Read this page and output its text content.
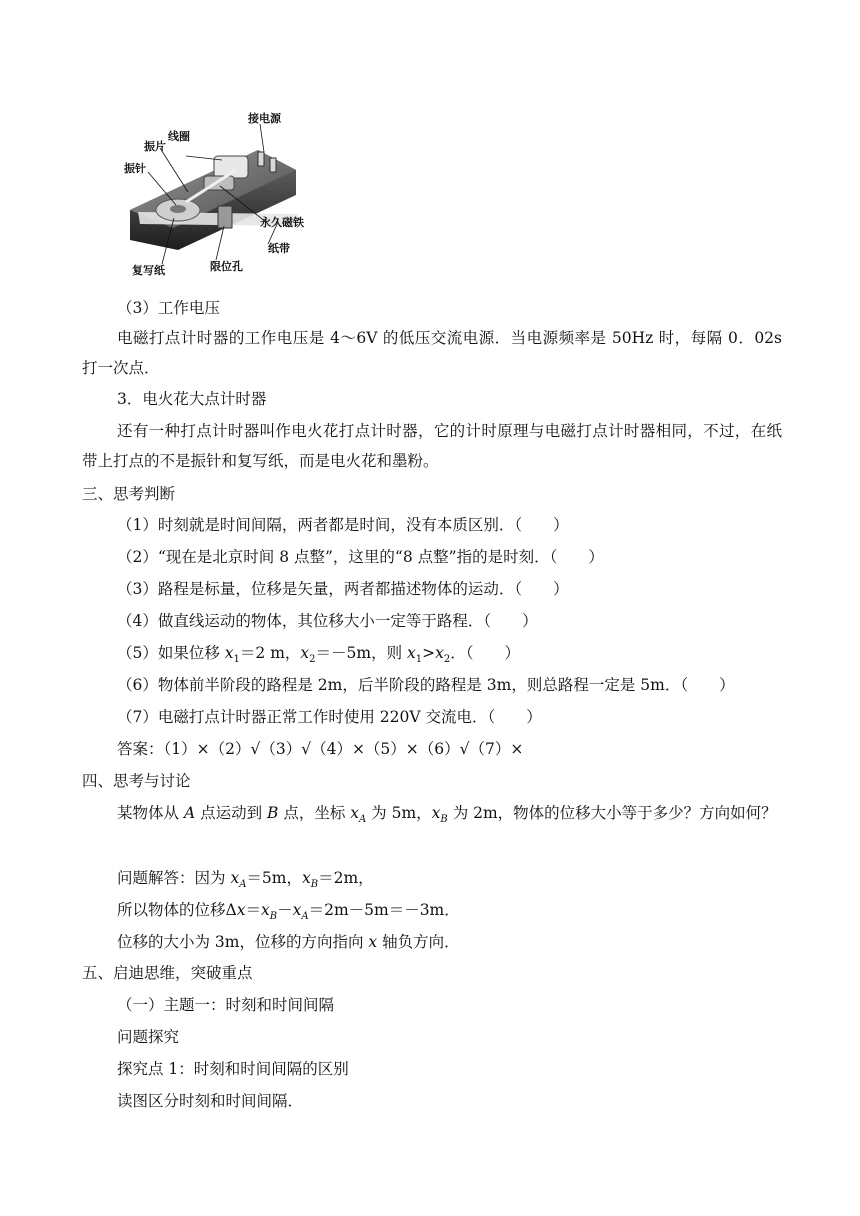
线圈
接电源
振片
振针
永久磁铁
纸带
复写纸	限位孔
（3）工作电压
电磁打点计时器的工作电压是 4～6V 的低压交流电源．当电源频率是 50Hz 时，每隔 0．02s 打一次点．
3．电火花大点计时器
还有一种打点计时器叫作电火花打点计时器，它的计时原理与电磁打点计时器相同，不过，在纸带上打点的不是振针和复写纸，而是电火花和墨粉。
三、思考判断
（1）时刻就是时间间隔，两者都是时间，没有本质区别．（　　）
（2）“现在是北京时间 8 点整”，这里的“8 点整”指的是时刻．（　　）
（3）路程是标量，位移是矢量，两者都描述物体的运动．（　　）
（4）做直线运动的物体，其位移大小一定等于路程．（　　）
（5）如果位移 $x_1=2$ m，$x_2=-5m$，则 $x_1>x_2$．（　　）
（6）物体前半阶段的路程是 2m，后半阶段的路程是 3m，则总路程一定是 5m．（　　）
（7）电磁打点计时器正常工作时使用 220V 交流电．（　　）
答案：（1）×（2）√（3）√（4）×（5）×（6）√（7）×
四、思考与讨论
某物体从 A 点运动到 B 点，坐标 $x_A$ 为 5m，$x_B$ 为 2m，物体的位移大小等于多少？方向如何？
问题解答：因为 $x_A=5m$，$x_B=2m$，
所以物体的位移$\Delta x=x_B-x_A=2m-5m=-3m$．
位移的大小为 3m，位移的方向指向 x 轴负方向．
五、启迪思维，突破重点
（一）主题一：时刻和时间间隔
问题探究
探究点 1：时刻和时间间隔的区别
读图区分时刻和时间间隔．
